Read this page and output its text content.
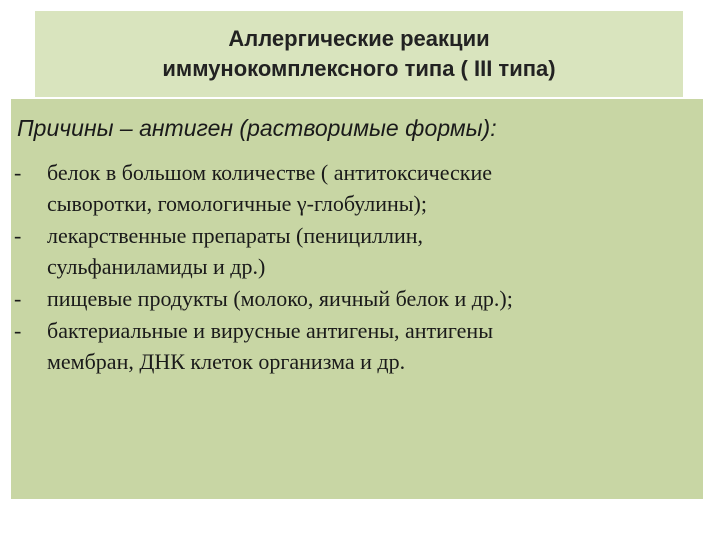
Аллергические реакции
иммунокомплексного типа ( III типа)

Причины – антиген (растворимые формы):

-	белок в большом количестве ( антитоксические
сыворотки, гомологичные γ-глобулины);
-	лекарственные препараты (пенициллин,
сульфаниламиды и др.)
-	пищевые продукты (молоко, яичный белок и др.);
-	бактериальные и вирусные антигены, антигены
мембран, ДНК клеток организма и др.
